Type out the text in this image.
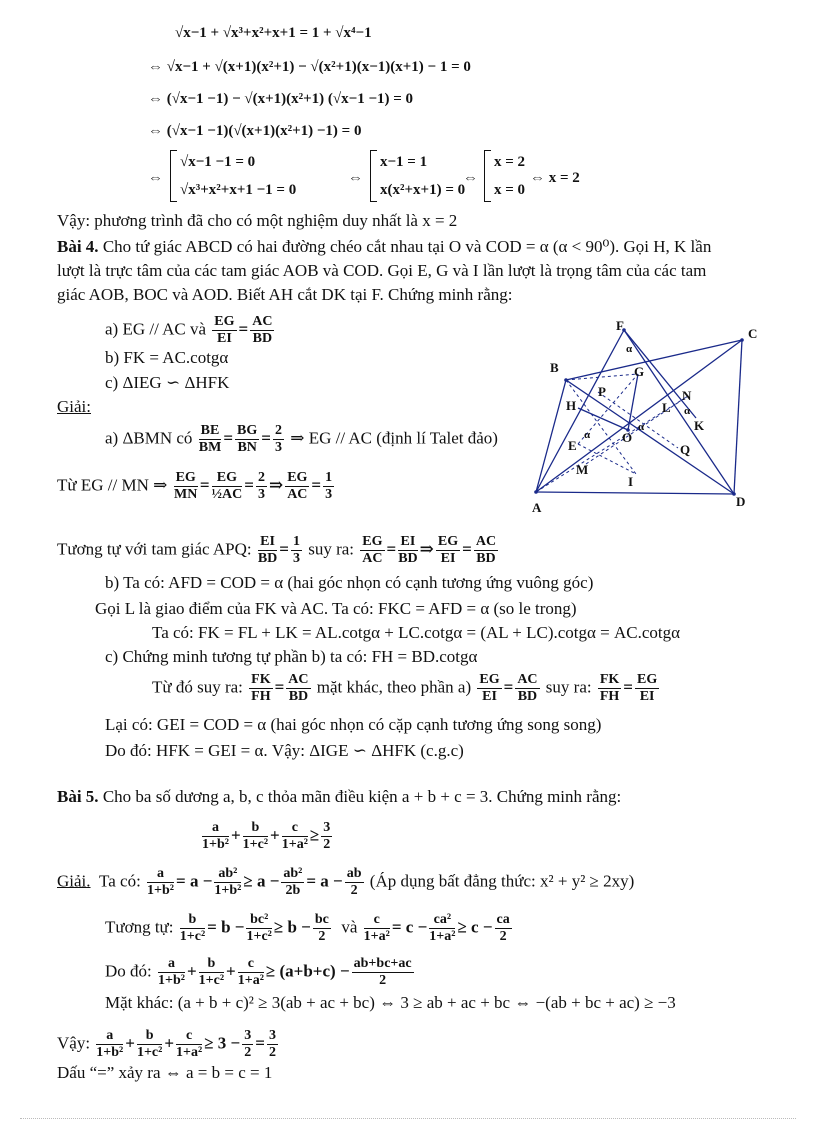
√x−1 + √x³+x²+x+1 = 1 + √x⁴−1
⇔ √x−1 + √(x+1)(x²+1) − √(x²+1)(x−1)(x+1) − 1 = 0
⇔ (√x−1 −1) − √(x+1)(x²+1) (√x−1 −1) = 0
⇔ (√x−1 −1)(√(x+1)(x²+1) −1) = 0
⇔
√x−1 −1 = 0
√x³+x²+x+1 −1 = 0
⇔
x−1 = 1
x(x²+x+1) = 0
⇔
x = 2
x = 0
⇔ x = 2
Vậy: phương trình đã cho có một nghiệm duy nhất là x = 2
Bài 4. Cho tứ giác ABCD có hai đường chéo cắt nhau tại O và COD = α (α < 90⁰). Gọi H, K lần
lượt là trực tâm của các tam giác AOB và COD. Gọi E, G và I lần lượt là trọng tâm của các tam
giác AOB, BOC và AOD. Biết AH cắt DK tại F. Chứng minh rằng:
a) EG // AC và $\frac{EG}{EI} = \frac{AC}{BD}$
b) FK = AC.cotgα
c) ΔIEG ∽ ΔHFK
Giải:
a) ΔBMN có $\frac{BE}{BM} = \frac{BG}{BN} = \frac{2}{3}$ ⇒ EG // AC (định lí Talet đảo)
Từ EG // MN ⇒ $\frac{EG}{MN} = \frac{EG}{\text{½AC}} = \frac{2}{3}$ ⇒ $\frac{EG}{AC} = \frac{1}{3}$
Tương tự với tam giác APQ: $\frac{EI}{BD} = \frac{1}{3}$ suy ra: $\frac{EG}{AC} = \frac{EI}{BD}$ ⇒ $\frac{EG}{EI} = \frac{AC}{BD}$
b) Ta có: AFD = COD = α (hai góc nhọn có cạnh tương ứng vuông góc)
Gọi L là giao điểm của FK và AC. Ta có: FKC = AFD = α (so le trong)
Ta có: FK = FL + LK = AL.cotgα + LC.cotgα = (AL + LC).cotgα = AC.cotgα
c) Chứng minh tương tự phần b) ta có: FH = BD.cotgα
Từ đó suy ra: $\frac{FK}{FH} = \frac{AC}{BD}$ mặt khác, theo phần $a) \frac{EG}{EI} = \frac{AC}{BD}$ suy ra: $\frac{FK}{FH} = \frac{EG}{EI}$
Lại có: GEI = COD = α (hai góc nhọn có cặp cạnh tương ứng song song)
Do đó: HFK = GEI = α. Vậy: ΔIGE ∽ ΔHFK (c.g.c)
F
C
B	G
N
H
P
L α
K
E
O
α
α
Q
M
I
A	D
α
Bài 5. Cho ba số dương a, b, c thỏa mãn điều kiện a + b + c = 3. Chứng minh rằng:
$\frac{a}{\text{1+b²}} + \frac{b}{\text{1+c²}} + \frac{c}{\text{1+a²}} \ge \frac{3}{2}$
Giải. Ta có: $\frac{a}{\text{1+b²}} = a - \frac{\text{ab²}}{\text{1+b²}} \ge a - \frac{\text{ab²}}{2b} = a - \frac{ab}{2}$ (Áp dụng bất đẳng thức: x² + y² ≥ 2xy)
Tương tự: $\frac{b}{\text{1+c²}} = b - \frac{\text{bc²}}{\text{1+c²}} \ge b - \frac{bc}{2}$ và $\frac{c}{\text{1+a²}} = c - \frac{\text{ca²}}{\text{1+a²}} \ge c - \frac{ca}{2}$
Do đó: $\frac{a}{\text{1+b²}} + \frac{b}{\text{1+c²}} + \frac{c}{\text{1+a²}} \ge (a+b+c) - \frac{ab+bc+ac}{2}$
Mặt khác: (a + b + c)² ≥ 3(ab + ac + bc) ⇔ 3 ≥ ab + ac + bc ⇔ −(ab + bc + ac) ≥ −3
Vậy: $\frac{a}{\text{1+b²}} + \frac{b}{\text{1+c²}} + \frac{c}{\text{1+a²}} \ge 3 - \frac{3}{2} = \frac{3}{2}$
Dấu “=” xảy ra ⇔ a = b = c = 1
